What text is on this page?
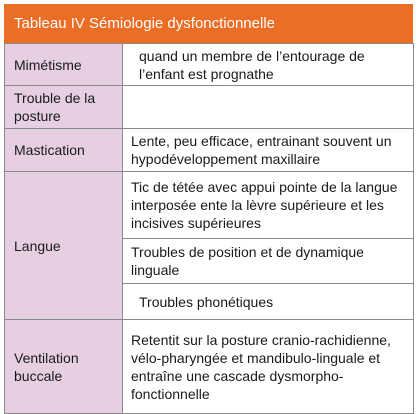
Tableau IV Sémiologie dysfonctionnelle
Mimétisme	quand un membre de l’entourage de l’enfant est prognathe

Trouble de la posture	

Mastication	Lente, peu efficace, entrainant souvent un hypodéveloppement maxillaire

Langue	Tic de tétée avec appui pointe de la langue interposée ente la lèvre supérieure et les incisives supérieures

	Troubles de position et de dynamique linguale

	Troubles phonétiques

Ventilation buccale	Retentit sur la posture cranio-rachidienne, vélo-pharyngée et mandibulo-linguale et entraîne une cascade dysmorpho-fonctionnelle
